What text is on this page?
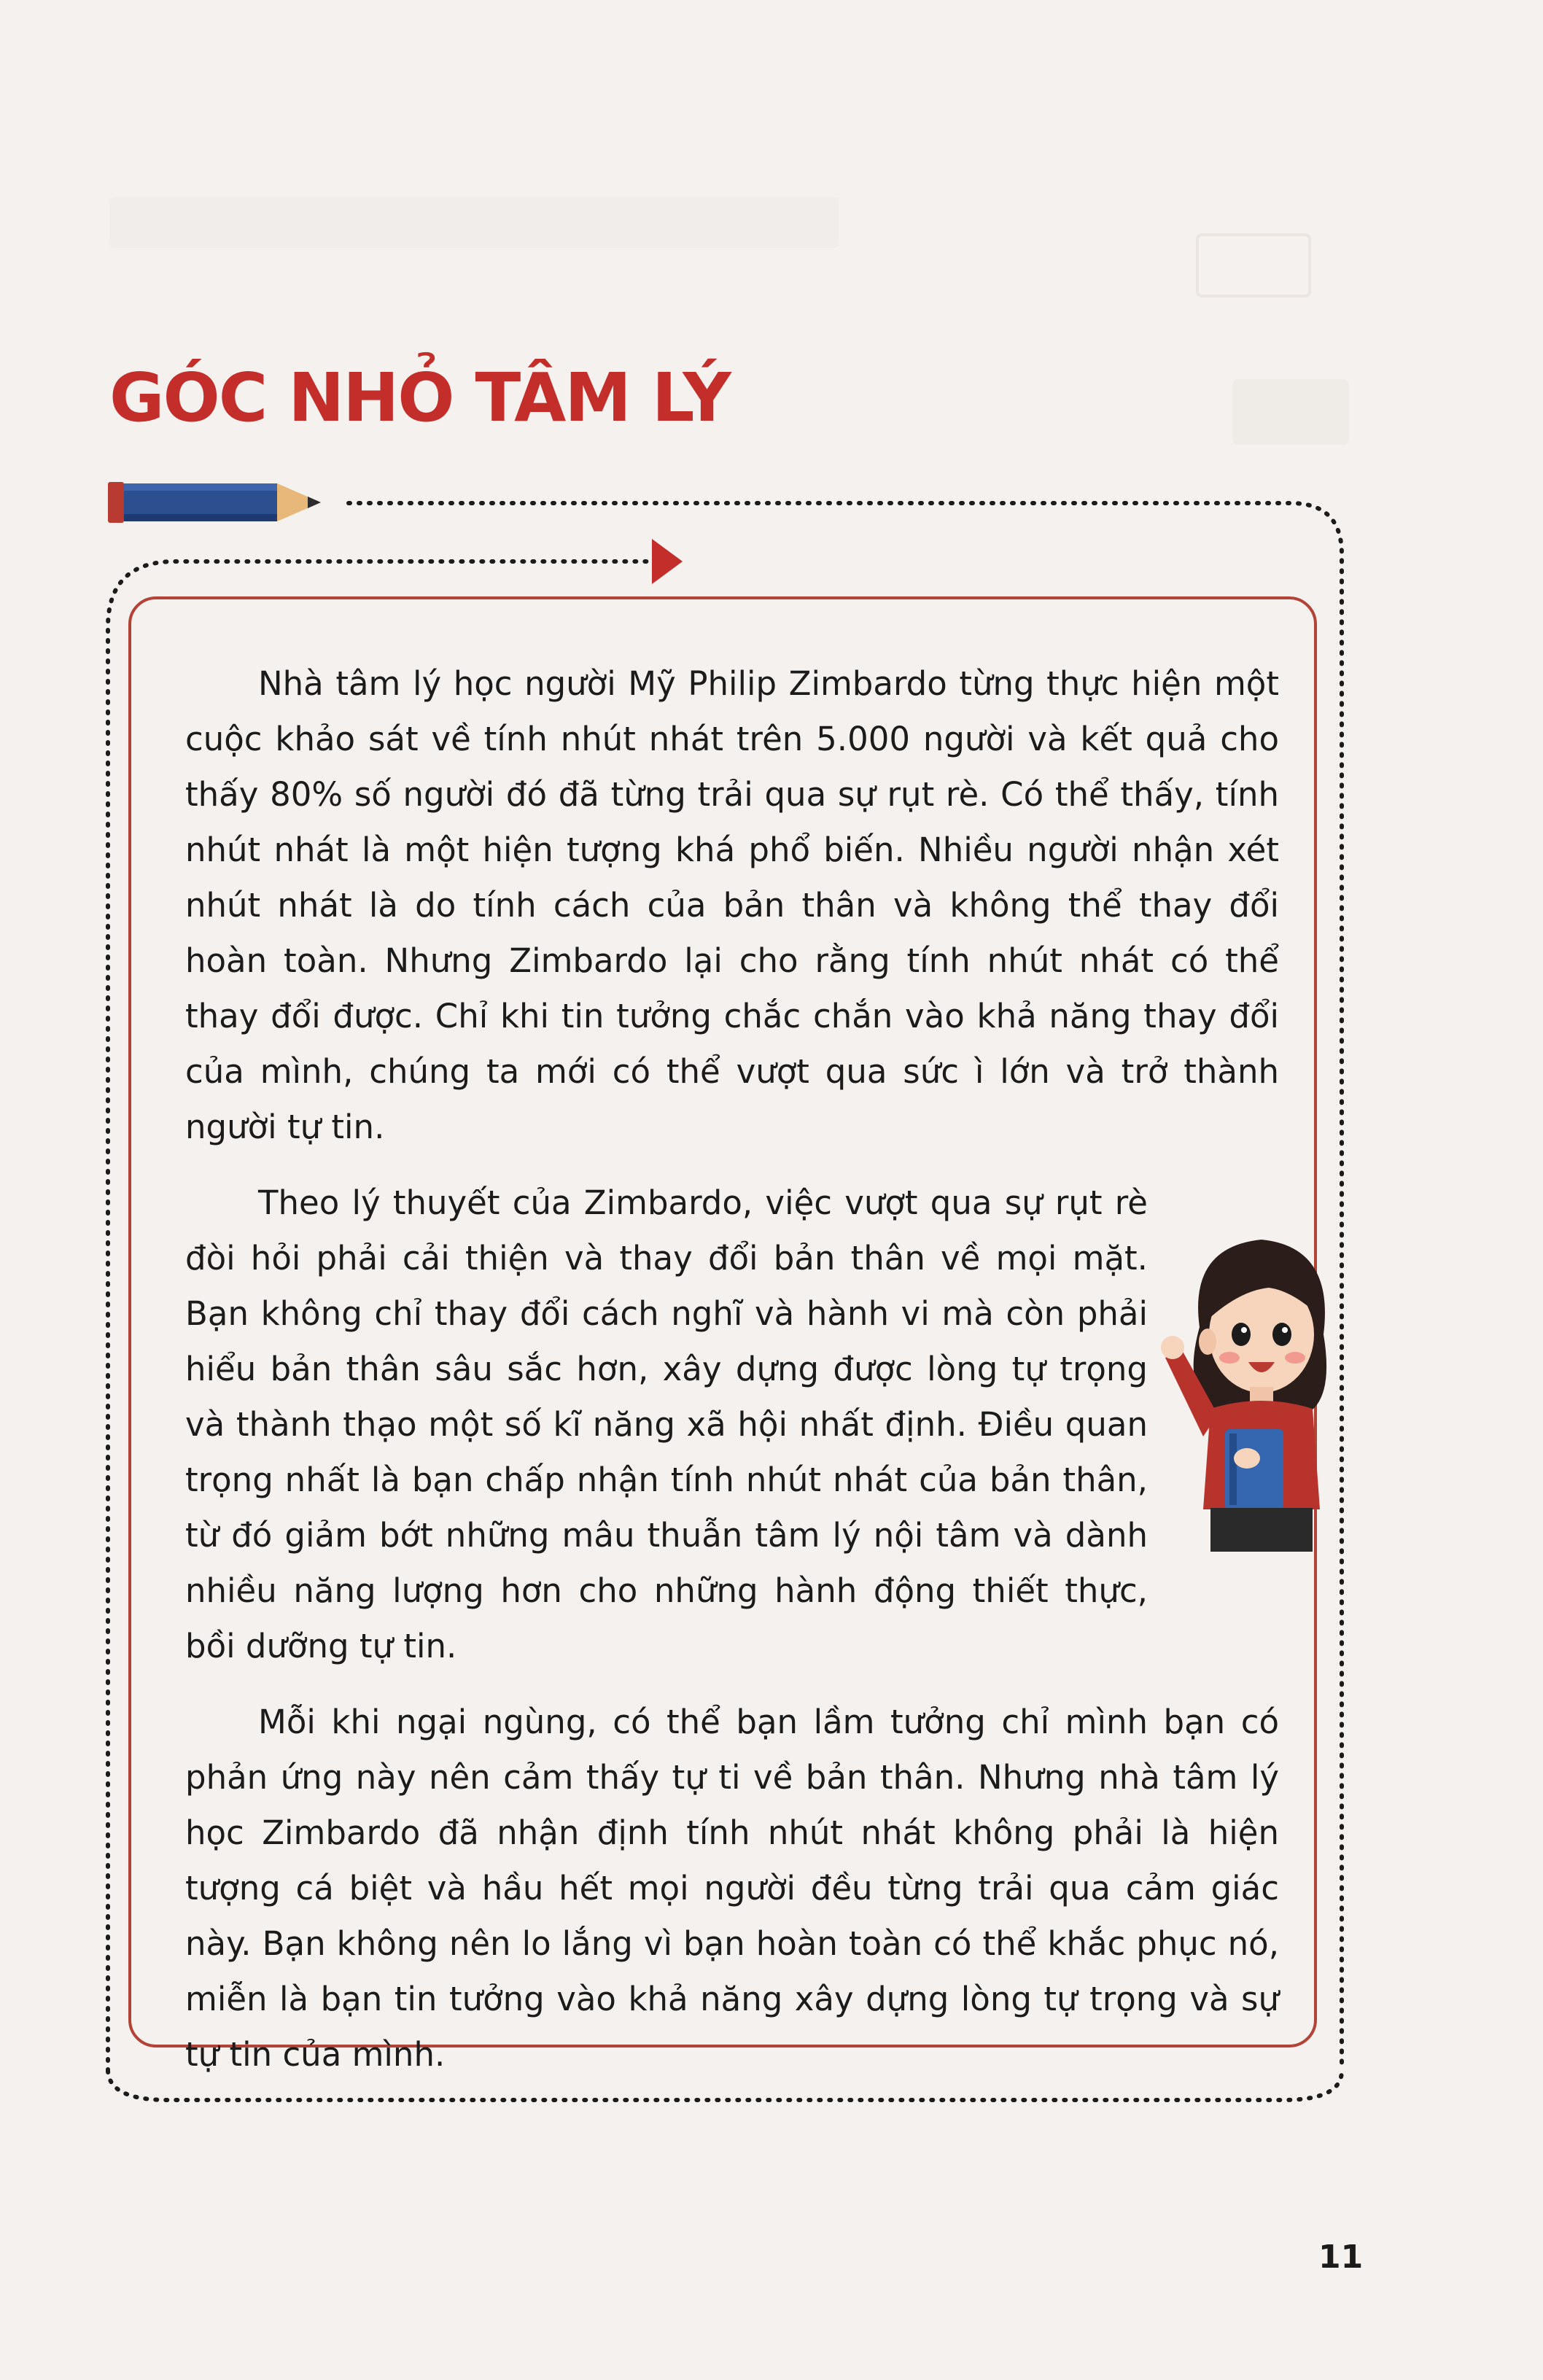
GÓC NHỎ TÂM LÝ

Nhà tâm lý học người Mỹ Philip Zimbardo từng thực hiện một cuộc khảo sát về tính nhút nhát trên 5.000 người và kết quả cho thấy 80% số người đó đã từng trải qua sự rụt rè. Có thể thấy, tính nhút nhát là một hiện tượng khá phổ biến. Nhiều người nhận xét nhút nhát là do tính cách của bản thân và không thể thay đổi hoàn toàn. Nhưng Zimbardo lại cho rằng tính nhút nhát có thể thay đổi được. Chỉ khi tin tưởng chắc chắn vào khả năng thay đổi của mình, chúng ta mới có thể vượt qua sức ì lớn và trở thành người tự tin.

Theo lý thuyết của Zimbardo, việc vượt qua sự rụt rè đòi hỏi phải cải thiện và thay đổi bản thân về mọi mặt. Bạn không chỉ thay đổi cách nghĩ và hành vi mà còn phải hiểu bản thân sâu sắc hơn, xây dựng được lòng tự trọng và thành thạo một số kĩ năng xã hội nhất định. Điều quan trọng nhất là bạn chấp nhận tính nhút nhát của bản thân, từ đó giảm bớt những mâu thuẫn tâm lý nội tâm và dành nhiều năng lượng hơn cho những hành động thiết thực, bồi dưỡng tự tin.

Mỗi khi ngại ngùng, có thể bạn lầm tưởng chỉ mình bạn có phản ứng này nên cảm thấy tự ti về bản thân. Nhưng nhà tâm lý học Zimbardo đã nhận định tính nhút nhát không phải là hiện tượng cá biệt và hầu hết mọi người đều từng trải qua cảm giác này. Bạn không nên lo lắng vì bạn hoàn toàn có thể khắc phục nó, miễn là bạn tin tưởng vào khả năng xây dựng lòng tự trọng và sự tự tin của mình.

11
